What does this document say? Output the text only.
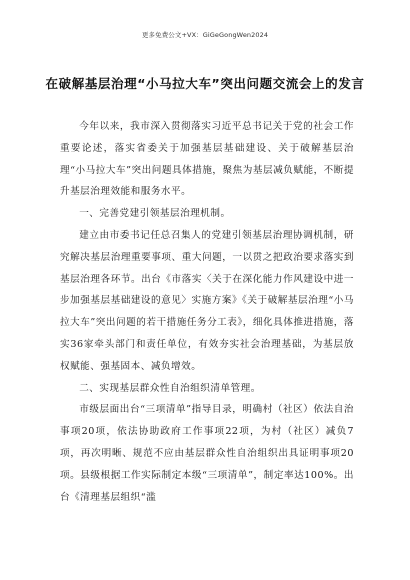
更多免费公文+VX：GiGeGongWen2024
在破解基层治理“小马拉大车”突出问题交流会上的发言

今年以来，我市深入贯彻落实习近平总书记关于党的社会工作重要论述，落实省委关于加强基层基础建设、关于破解基层治理“小马拉大车”突出问题具体措施，聚焦为基层减负赋能，不断提升基层治理效能和服务水平。

一、完善党建引领基层治理机制。

建立由市委书记任总召集人的党建引领基层治理协调机制，研究解决基层治理重要事项、重大问题，一以贯之把政治要求落实到基层治理各环节。出台《市落实〈关于在深化能力作风建设中进一步加强基层基础建设的意见〉实施方案》《关于破解基层治理“小马拉大车”突出问题的若干措施任务分工表》，细化具体推进措施，落实36家牵头部门和责任单位，有效夯实社会治理基础，为基层放权赋能、强基固本、减负增效。

二、实现基层群众性自治组织清单管理。

市级层面出台“三项清单”指导目录，明确村（社区）依法自治事项20项，依法协助政府工作事项22项，为村（社区）减负7项，再次明晰、规范不应由基层群众性自治组织出具证明事项20项。县级根据工作实际制定本级“三项清单”，制定率达100%。出台《清理基层组织“滥
